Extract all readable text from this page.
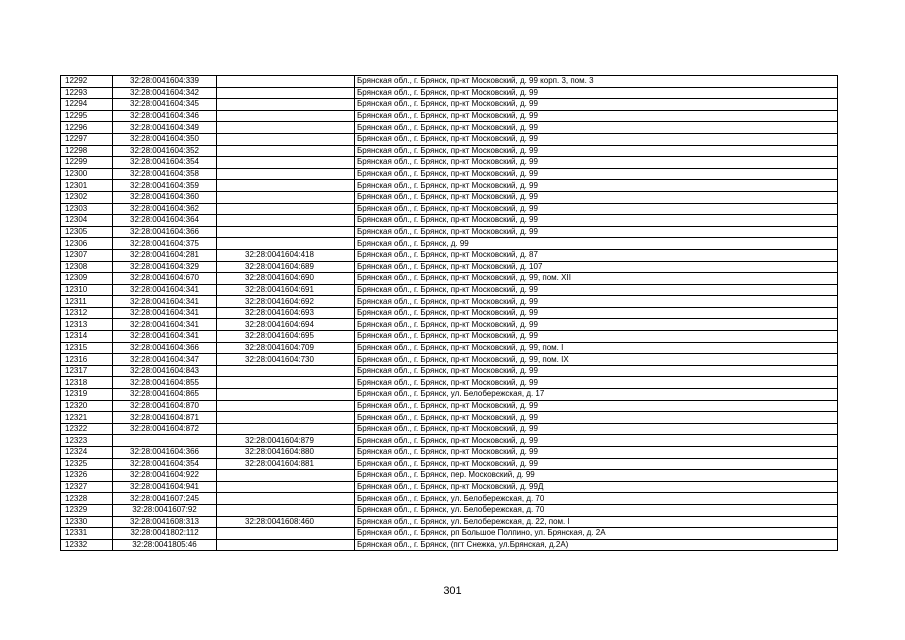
12292	32:28:0041604:339		Брянская обл., г. Брянск, пр-кт Московский, д. 99 корп. 3, пом. 3
12293	32:28:0041604:342		Брянская обл., г. Брянск, пр-кт Московский, д. 99
12294	32:28:0041604:345		Брянская обл., г. Брянск, пр-кт Московский, д. 99
12295	32:28:0041604:346		Брянская обл., г. Брянск, пр-кт Московский, д. 99
12296	32:28:0041604:349		Брянская обл., г. Брянск, пр-кт Московский, д. 99
12297	32:28:0041604:350		Брянская обл., г. Брянск, пр-кт Московский, д. 99
12298	32:28:0041604:352		Брянская обл., г. Брянск, пр-кт Московский, д. 99
12299	32:28:0041604:354		Брянская обл., г. Брянск, пр-кт Московский, д. 99
12300	32:28:0041604:358		Брянская обл., г. Брянск, пр-кт Московский, д. 99
12301	32:28:0041604:359		Брянская обл., г. Брянск, пр-кт Московский, д. 99
12302	32:28:0041604:360		Брянская обл., г. Брянск, пр-кт Московский, д. 99
12303	32:28:0041604:362		Брянская обл., г. Брянск, пр-кт Московский, д. 99
12304	32:28:0041604:364		Брянская обл., г. Брянск, пр-кт Московский, д. 99
12305	32:28:0041604:366		Брянская обл., г. Брянск, пр-кт Московский, д. 99
12306	32:28:0041604:375		Брянская обл., г. Брянск, д. 99
12307	32:28:0041604:281	32:28:0041604:418	Брянская обл., г. Брянск, пр-кт Московский, д. 87
12308	32:28:0041604:329	32:28:0041604:689	Брянская обл., г. Брянск, пр-кт Московский, д. 107
12309	32:28:0041604:670	32:28:0041604:690	Брянская обл., г. Брянск, пр-кт Московский, д. 99, пом. XII
12310	32:28:0041604:341	32:28:0041604:691	Брянская обл., г. Брянск, пр-кт Московский, д. 99
12311	32:28:0041604:341	32:28:0041604:692	Брянская обл., г. Брянск, пр-кт Московский, д. 99
12312	32:28:0041604:341	32:28:0041604:693	Брянская обл., г. Брянск, пр-кт Московский, д. 99
12313	32:28:0041604:341	32:28:0041604:694	Брянская обл., г. Брянск, пр-кт Московский, д. 99
12314	32:28:0041604:341	32:28:0041604:695	Брянская обл., г. Брянск, пр-кт Московский, д. 99
12315	32:28:0041604:366	32:28:0041604:709	Брянская обл., г. Брянск, пр-кт Московский, д. 99, пом. I
12316	32:28:0041604:347	32:28:0041604:730	Брянская обл., г. Брянск, пр-кт Московский, д. 99, пом. IX
12317	32:28:0041604:843		Брянская обл., г. Брянск, пр-кт Московский, д. 99
12318	32:28:0041604:855		Брянская обл., г. Брянск, пр-кт Московский, д. 99
12319	32:28:0041604:865		Брянская обл., г. Брянск, ул. Белобережская, д. 17
12320	32:28:0041604:870		Брянская обл., г. Брянск, пр-кт Московский, д. 99
12321	32:28:0041604:871		Брянская обл., г. Брянск, пр-кт Московский, д. 99
12322	32:28:0041604:872		Брянская обл., г. Брянск, пр-кт Московский, д. 99
12323		32:28:0041604:879	Брянская обл., г. Брянск, пр-кт Московский, д. 99
12324	32:28:0041604:366	32:28:0041604:880	Брянская обл., г. Брянск, пр-кт Московский, д. 99
12325	32:28:0041604:354	32:28:0041604:881	Брянская обл., г. Брянск, пр-кт Московский, д. 99
12326	32:28:0041604:922		Брянская обл., г. Брянск, пер. Московский, д. 99
12327	32:28:0041604:941		Брянская обл., г. Брянск, пр-кт Московский, д. 99Д
12328	32:28:0041607:245		Брянская обл., г. Брянск, ул. Белобережская, д. 70
12329	32:28:0041607:92		Брянская обл., г. Брянск, ул. Белобережская, д. 70
12330	32:28:0041608:313	32:28:0041608:460	Брянская обл., г. Брянск, ул. Белобережская, д. 22, пом. I
12331	32:28:0041802:112		Брянская обл., г. Брянск, рп Большое Полпино, ул. Брянская, д. 2А
12332	32:28:0041805:46		Брянская обл., г. Брянск, (пгт Снежка, ул.Брянская, д.2А)
301
